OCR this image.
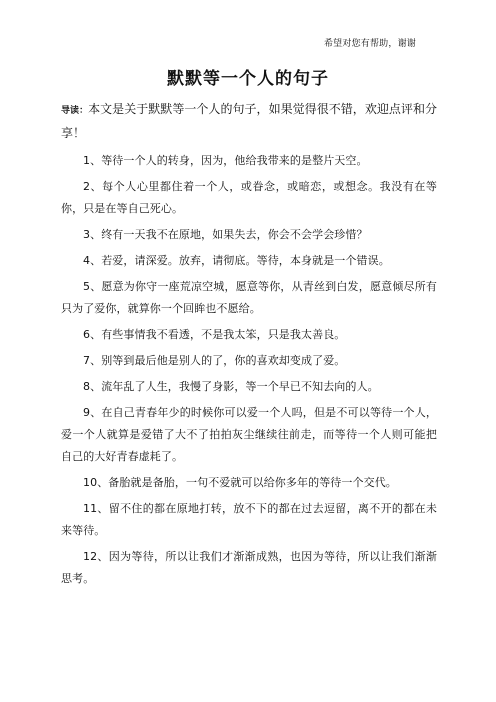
希望对您有帮助，谢谢
默默等一个人的句子
导读：本文是关于默默等一个人的句子，如果觉得很不错，欢迎点评和分享！

1、等待一个人的转身，因为，他给我带来的是整片天空。

2、每个人心里都住着一个人，或眷念，或暗恋，或想念。我没有在等你，只是在等自己死心。

3、终有一天我不在原地，如果失去，你会不会学会珍惜？

4、若爱，请深爱。放弃，请彻底。等待，本身就是一个错误。

5、愿意为你守一座荒凉空城，愿意等你，从青丝到白发，愿意倾尽所有只为了爱你，就算你一个回眸也不愿给。

6、有些事情我不看透，不是我太笨，只是我太善良。

7、别等到最后他是别人的了，你的喜欢却变成了爱。

8、流年乱了人生，我慢了身影，等一个早已不知去向的人。

9、在自己青春年少的时候你可以爱一个人吗，但是不可以等待一个人，爱一个人就算是爱错了大不了拍拍灰尘继续往前走，而等待一个人则可能把自己的大好青春虚耗了。

10、备胎就是备胎，一句不爱就可以给你多年的等待一个交代。

11、留不住的都在原地打转，放不下的都在过去逗留，离不开的都在未来等待。

12、因为等待，所以让我们才渐渐成熟，也因为等待，所以让我们渐渐思考。
